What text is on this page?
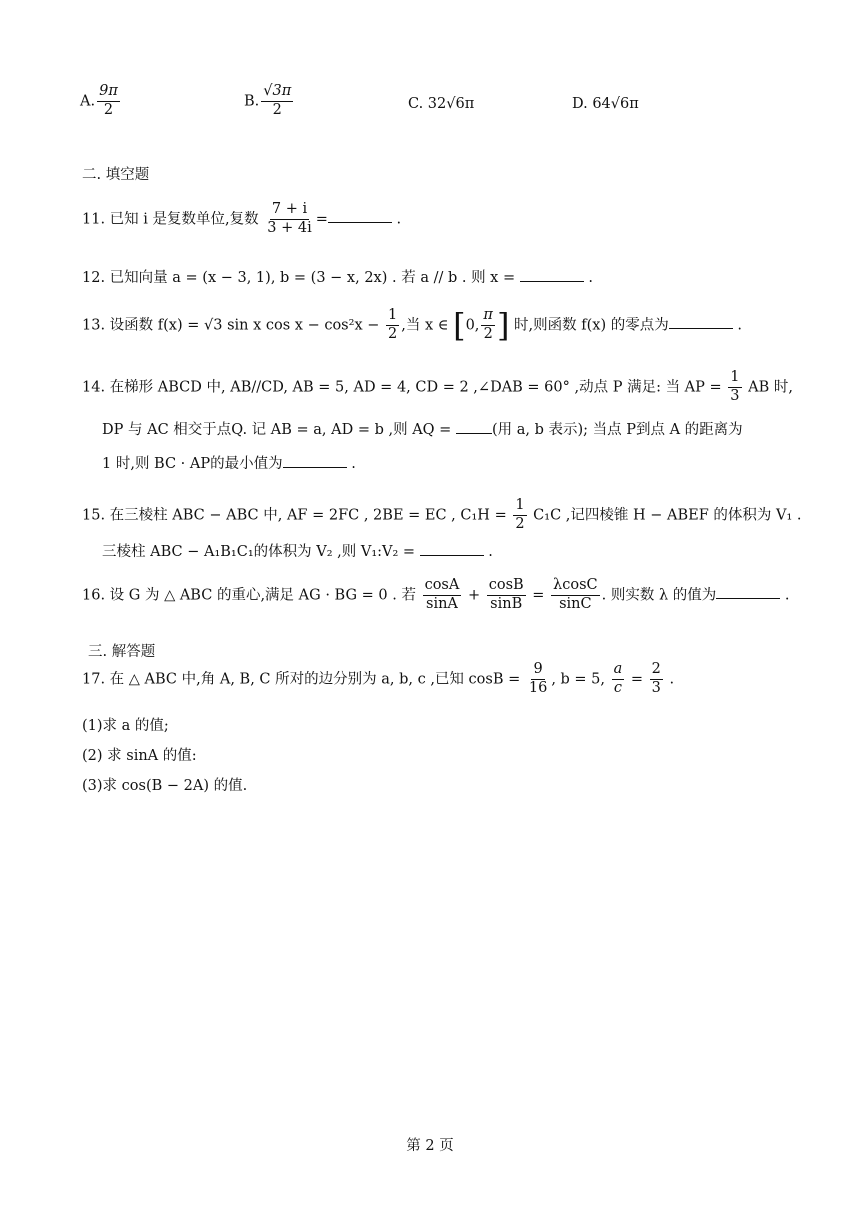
A. $\frac{9\pi}{2}$	B. $\frac{√3\pi}{2}$	C. 32√6π	D. 64√6π
二. 填空题
11. 已知 i 是复数单位,复数 $\frac{7 + i}{3 + 4i}$ =	.
12. 已知向量 a = (x − 3, 1), b = (3 − x, 2x) . 若 a // b . 则 x =	.
13. 设函数 f(x) = √3 sin x $\cos x - \cos^2x - \frac{1}{2}$ ,当 x ∈ [0, $\frac{\pi}{2}$ ] 时,则函数 f(x) 的零点为	.
14. 在梯形 ABCD 中, AB//CD, AB = 5, AD = 4, CD = 2 ,∠DAB = 60° ,动点 P 满足: 当 AP = $\frac{1}{3}$ AB 时,
DP 与 AC 相交于点Q. 记 AB = a, AD = b ,则 AQ =	(用 a, b 表示); 当点 P到点 A 的距离为
1 时,则 BC · AP的最小值为	.
15. 在三棱柱 ABC − ABC 中, AF = 2FC , 2BE = EC , $C_1H = \frac{1}{2} C_1C$ ,记四棱锥 H − ABEF 的体积为 V₁ .
三棱柱 ABC − A₁B₁C₁的体积为 V₂ ,则 V₁:V₂ =	.
16. 设 G 为 △ ABC 的重心,满足 AG · BG = 0 . 若 $\frac{\cos A}{\sin A} + \frac{\cos B}{\sin B} = \frac{\lambda\cos C}{\sin C}$ . 则实数 λ 的值为	.
三. 解答题
17. 在 △ ABC 中,角 A, B, C 所对的边分别为 a, b, c ,已知 $\cos B = \frac{9}{16}$ , b = 5, $\frac{a}{c} = \frac{2}{3}$ .
(1)求 a 的值;
(2) 求 sinA 的值:
(3)求 cos(B − 2A) 的值.
第 2 页
